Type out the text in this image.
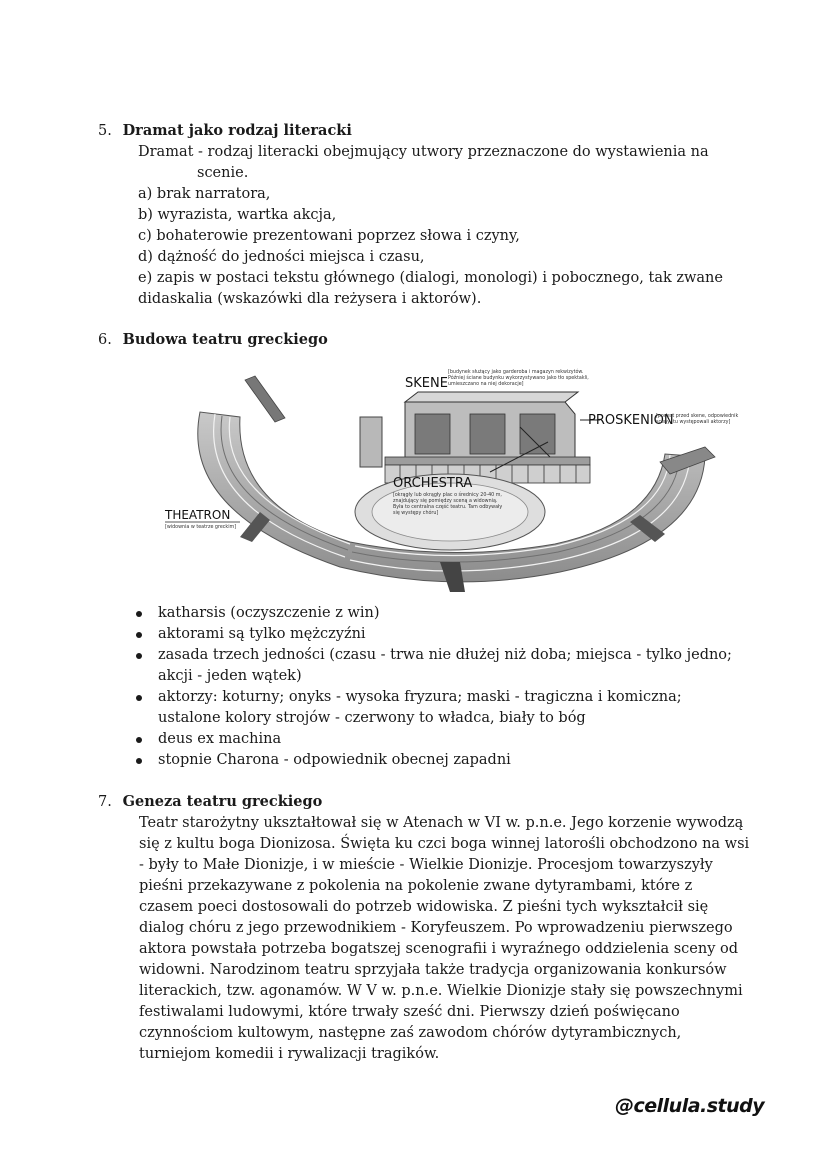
5. Dramat jako rodzaj literacki
Dramat - rodzaj literacki obejmujący utwory przeznaczone do wystawienia na
scenie.
a) brak narratora,
b) wyrazista, wartka akcja,
c) bohaterowie prezentowani poprzez słowa i czyny,
d) dążność do jedności miejsca i czasu,
e) zapis w postaci tekstu głównego (dialogi, monologi) i pobocznego, tak zwane
didaskalia (wskazówki dla reżysera i aktorów).
6. Budowa teatru greckiego
SKENE
[budynek służący jako garderoba i magazyn rekwizytów.
Później ściane budynku wykorzystywano jako tło spektakli,
umieszczano na niej dekoracje]
PROSKENION
[podest przed skene, odpowiednik
sceny, tu występowali aktorzy]
ORCHESTRA
[okrągły lub okrągły plac o średnicy 20-40 m,
znajdujący się pomiędzy sceną a widownią.
Była to centralna część teatru. Tam odbywały
się występy chóru]
THEATRON
[widownia w teatrze greckim]
katharsis (oczyszczenie z win)
aktorami są tylko mężczyźni
zasada trzech jedności (czasu - trwa nie dłużej niż doba; miejsca - tylko jedno;
akcji - jeden wątek)
aktorzy: koturny; onyks - wysoka fryzura; maski - tragiczna i komiczna;
ustalone kolory strojów - czerwony to władca, biały to bóg
deus ex machina
stopnie Charona - odpowiednik obecnej zapadni
7. Geneza teatru greckiego
Teatr starożytny ukształtował się w Atenach w VI w. p.n.e. Jego korzenie wywodzą
się z kultu boga Dionizosa. Święta ku czci boga winnej latorośli obchodzono na wsi
- były to Małe Dionizje, i w mieście - Wielkie Dionizje. Procesjom towarzyszyły
pieśni przekazywane z pokolenia na pokolenie zwane dytyrambami, które z
czasem poeci dostosowali do potrzeb widowiska. Z pieśni tych wykształcił się
dialog chóru z jego przewodnikiem - Koryfeuszem. Po wprowadzeniu pierwszego
aktora powstała potrzeba bogatszej scenografii i wyraźnego oddzielenia sceny od
widowni. Narodzinom teatru sprzyjała także tradycja organizowania konkursów
literackich, tzw. agonamów. W V w. p.n.e. Wielkie Dionizje stały się powszechnymi
festiwalami ludowymi, które trwały sześć dni. Pierwszy dzień poświęcano
czynnościom kultowym, następne zaś zawodom chórów dytyrambicznych,
turniejom komedii i rywalizacji tragików.
@cellula.study
